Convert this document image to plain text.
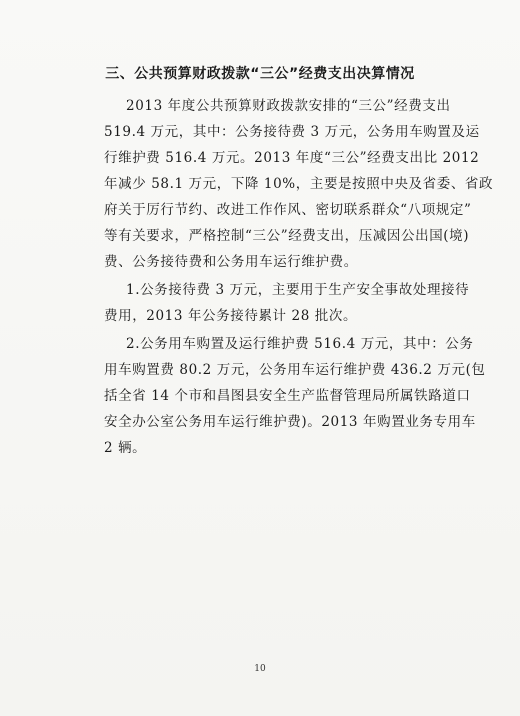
三、公共预算财政拨款“三公”经费支出决算情况
2013 年度公共预算财政拨款安排的“三公”经费支出
519.4 万元，其中：公务接待费 3 万元，公务用车购置及运
行维护费 516.4 万元。2013 年度“三公”经费支出比 2012
年减少 58.1 万元，下降 10%，主要是按照中央及省委、省政
府关于厉行节约、改进工作作风、密切联系群众“八项规定”
等有关要求，严格控制“三公”经费支出，压减因公出国(境)
费、公务接待费和公务用车运行维护费。
1.公务接待费 3 万元，主要用于生产安全事故处理接待
费用，2013 年公务接待累计 28 批次。
2.公务用车购置及运行维护费 516.4 万元，其中：公务
用车购置费 80.2 万元，公务用车运行维护费 436.2 万元(包
括全省 14 个市和昌图县安全生产监督管理局所属铁路道口
安全办公室公务用车运行维护费)。2013 年购置业务专用车
2 辆。
10
